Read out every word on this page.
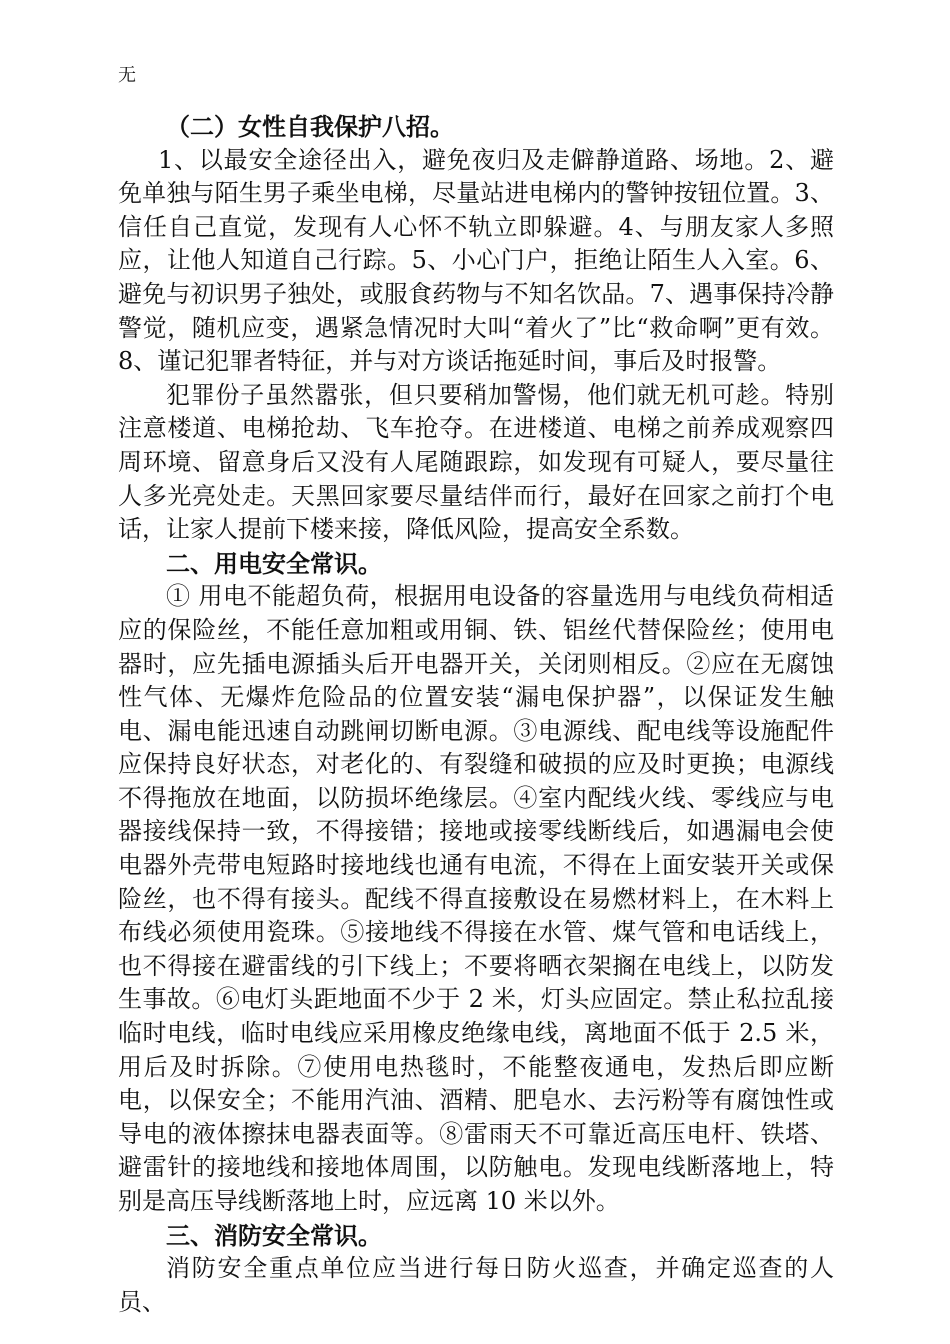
无
（二）女性自我保护八招。

1、以最安全途径出入，避免夜归及走僻静道路、场地。2、避免单独与陌生男子乘坐电梯，尽量站进电梯内的警钟按钮位置。3、信任自己直觉，发现有人心怀不轨立即躲避。4、与朋友家人多照应，让他人知道自己行踪。5、小心门户，拒绝让陌生人入室。6、避免与初识男子独处，或服食药物与不知名饮品。7、遇事保持冷静警觉，随机应变，遇紧急情况时大叫“着火了”比“救命啊”更有效。8、谨记犯罪者特征，并与对方谈话拖延时间，事后及时报警。

犯罪份子虽然嚣张，但只要稍加警惕，他们就无机可趁。特别注意楼道、电梯抢劫、飞车抢夺。在进楼道、电梯之前养成观察四周环境、留意身后又没有人尾随跟踪，如发现有可疑人，要尽量往人多光亮处走。天黑回家要尽量结伴而行，最好在回家之前打个电话，让家人提前下楼来接，降低风险，提高安全系数。

二、用电安全常识。

① 用电不能超负荷，根据用电设备的容量选用与电线负荷相适应的保险丝，不能任意加粗或用铜、铁、铝丝代替保险丝；使用电器时，应先插电源插头后开电器开关，关闭则相反。②应在无腐蚀性气体、无爆炸危险品的位置安装“漏电保护器”，以保证发生触电、漏电能迅速自动跳闸切断电源。③电源线、配电线等设施配件应保持良好状态，对老化的、有裂缝和破损的应及时更换；电源线不得拖放在地面，以防损坏绝缘层。④室内配线火线、零线应与电器接线保持一致，不得接错；接地或接零线断线后，如遇漏电会使电器外壳带电短路时接地线也通有电流，不得在上面安装开关或保险丝，也不得有接头。配线不得直接敷设在易燃材料上，在木料上布线必须使用瓷珠。⑤接地线不得接在水管、煤气管和电话线上，也不得接在避雷线的引下线上；不要将晒衣架搁在电线上，以防发生事故。⑥电灯头距地面不少于 2 米，灯头应固定。禁止私拉乱接临时电线，临时电线应采用橡皮绝缘电线，离地面不低于 2.5 米，用后及时拆除。⑦使用电热毯时，不能整夜通电，发热后即应断电，以保安全；不能用汽油、酒精、肥皂水、去污粉等有腐蚀性或导电的液体擦抹电器表面等。⑧雷雨天不可靠近高压电杆、铁塔、避雷针的接地线和接地体周围，以防触电。发现电线断落地上，特别是高压导线断落地上时，应远离 10 米以外。

三、消防安全常识。

消防安全重点单位应当进行每日防火巡查，并确定巡查的人员、
